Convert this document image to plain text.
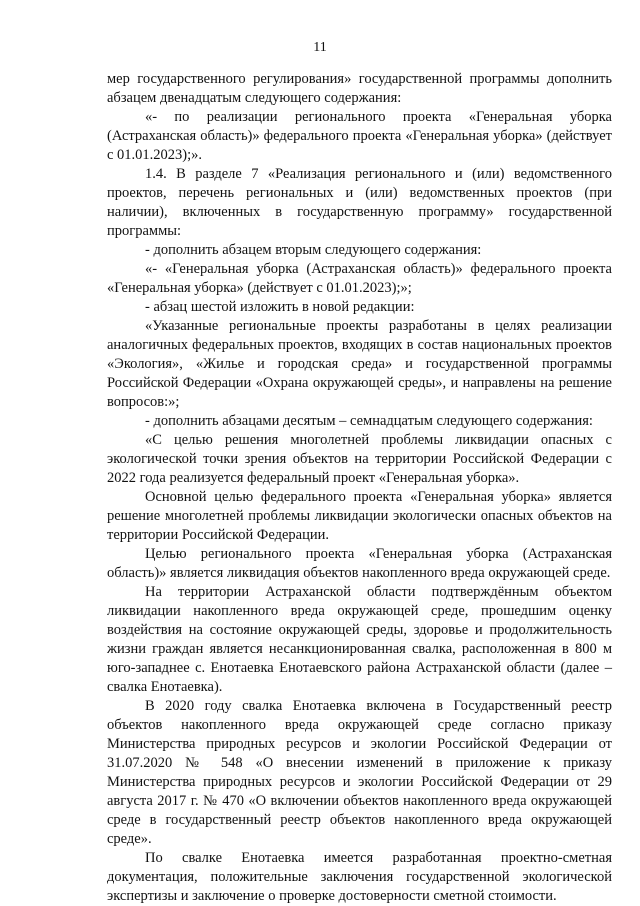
11

мер государственного регулирования» государственной программы дополнить абзацем двенадцатым следующего содержания:

«- по реализации регионального проекта «Генеральная уборка (Астраханская область)» федерального проекта «Генеральная уборка» (действует с 01.01.2023);».

1.4. В разделе 7 «Реализация регионального и (или) ведомственного проектов, перечень региональных и (или) ведомственных проектов (при наличии), включенных в государственную программу» государственной программы:

- дополнить абзацем вторым следующего содержания:

«- «Генеральная уборка (Астраханская область)» федерального проекта «Генеральная уборка» (действует с 01.01.2023);»;

- абзац шестой изложить в новой редакции:

«Указанные региональные проекты разработаны в целях реализации аналогичных федеральных проектов, входящих в состав национальных проектов «Экология», «Жилье и городская среда» и государственной программы Российской Федерации «Охрана окружающей среды», и направлены на решение вопросов:»;

- дополнить абзацами десятым – семнадцатым следующего содержания:

«С целью решения многолетней проблемы ликвидации опасных с экологической точки зрения объектов на территории Российской Федерации с 2022 года реализуется федеральный проект «Генеральная уборка».

Основной целью федерального проекта «Генеральная уборка» является решение многолетней проблемы ликвидации экологически опасных объектов на территории Российской Федерации.

Целью регионального проекта «Генеральная уборка (Астраханская область)» является ликвидация объектов накопленного вреда окружающей среде.

На территории Астраханской области подтверждённым объектом ликвидации накопленного вреда окружающей среде, прошедшим оценку воздействия на состояние окружающей среды, здоровье и продолжительность жизни граждан является несанкционированная свалка, расположенная в 800 м юго-западнее с. Енотаевка Енотаевского района Астраханской области (далее – свалка Енотаевка).

В 2020 году свалка Енотаевка включена в Государственный реестр объектов накопленного вреда окружающей среде согласно приказу Министерства природных ресурсов и экологии Российской Федерации от 31.07.2020 № 548 «О внесении изменений в приложение к приказу Министерства природных ресурсов и экологии Российской Федерации от 29 августа 2017 г. № 470 «О включении объектов накопленного вреда окружающей среде в государственный реестр объектов накопленного вреда окружающей среде».

По свалке Енотаевка имеется разработанная проектно-сметная документация, положительные заключения государственной экологической экспертизы и заключение о проверке достоверности сметной стоимости.
